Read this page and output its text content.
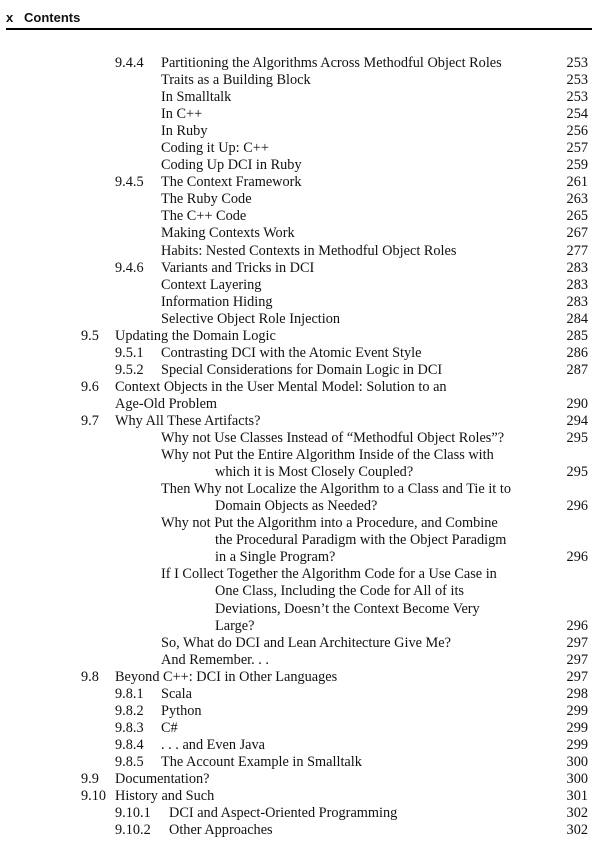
x Contents
9.4.4 Partitioning the Algorithms Across Methodful Object Roles	253
Traits as a Building Block	253
In Smalltalk	253
In C++	254
In Ruby	256
Coding it Up: C++	257
Coding Up DCI in Ruby	259
9.4.5 The Context Framework	261
The Ruby Code	263
The C++ Code	265
Making Contexts Work	267
Habits: Nested Contexts in Methodful Object Roles	277
9.4.6 Variants and Tricks in DCI	283
Context Layering	283
Information Hiding	283
Selective Object Role Injection	284
9.5 Updating the Domain Logic	285
9.5.1 Contrasting DCI with the Atomic Event Style	286
9.5.2 Special Considerations for Domain Logic in DCI	287
9.6 Context Objects in the User Mental Model: Solution to an
Age-Old Problem	290
9.7 Why All These Artifacts?	294
Why not Use Classes Instead of “Methodful Object Roles”?	295
Why not Put the Entire Algorithm Inside of the Class with
which it is Most Closely Coupled?	295
Then Why not Localize the Algorithm to a Class and Tie it to
Domain Objects as Needed?	296
Why not Put the Algorithm into a Procedure, and Combine
the Procedural Paradigm with the Object Paradigm
in a Single Program?	296
If I Collect Together the Algorithm Code for a Use Case in
One Class, Including the Code for All of its
Deviations, Doesn’t the Context Become Very
Large?	296
So, What do DCI and Lean Architecture Give Me?	297
And Remember. . .	297
9.8 Beyond C++: DCI in Other Languages	297
9.8.1 Scala	298
9.8.2 Python	299
9.8.3 C#	299
9.8.4 . . . and Even Java	299
9.8.5 The Account Example in Smalltalk	300
9.9 Documentation?	300
9.10 History and Such	301
9.10.1 DCI and Aspect-Oriented Programming	302
9.10.2 Other Approaches	302
